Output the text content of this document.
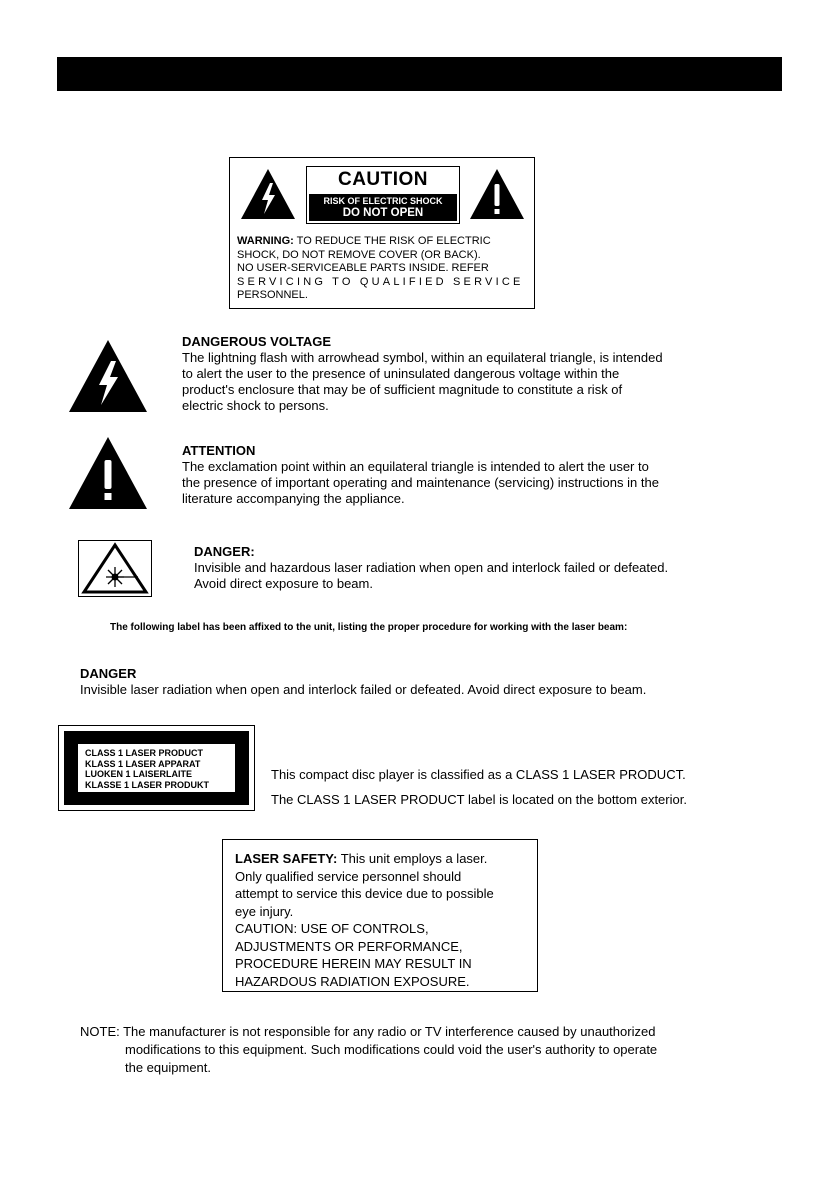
CAUTION
RISK OF ELECTRIC SHOCK
DO NOT OPEN
WARNING: TO REDUCE THE RISK OF ELECTRIC
SHOCK, DO NOT REMOVE COVER (OR BACK).
NO USER-SERVICEABLE PARTS INSIDE. REFER
SERVICING TO QUALIFIED SERVICE
PERSONNEL.
DANGEROUS VOLTAGE
The lightning flash with arrowhead symbol, within an equilateral triangle, is intended
to alert the user to the presence of uninsulated dangerous voltage within the
product's enclosure that may be of sufficient magnitude to constitute a risk of
electric shock to persons.
ATTENTION
The exclamation point within an equilateral triangle is intended to alert the user to
the presence of important operating and maintenance (servicing) instructions in the
literature accompanying the appliance.
DANGER:
Invisible and hazardous laser radiation when open and interlock failed or defeated.
Avoid direct exposure to beam.
The following label has been affixed to the unit, listing the proper procedure for working with the laser beam:
DANGER
Invisible laser radiation when open and interlock failed or defeated. Avoid direct exposure to beam.
CLASS 1 LASER PRODUCT
KLASS 1 LASER APPARAT
LUOKEN 1 LAISERLAITE
KLASSE 1 LASER PRODUKT
This compact disc player is classified as a CLASS 1 LASER PRODUCT.
The CLASS 1 LASER PRODUCT label is located on the bottom exterior.
LASER SAFETY: This unit employs a laser.
Only qualified service personnel should
attempt to service this device due to possible
eye injury.
CAUTION: USE OF CONTROLS,
ADJUSTMENTS OR PERFORMANCE,
PROCEDURE HEREIN MAY RESULT IN
HAZARDOUS RADIATION EXPOSURE.
NOTE: The manufacturer is not responsible for any radio or TV interference caused by unauthorized
modifications to this equipment. Such modifications could void the user's authority to operate
the equipment.
